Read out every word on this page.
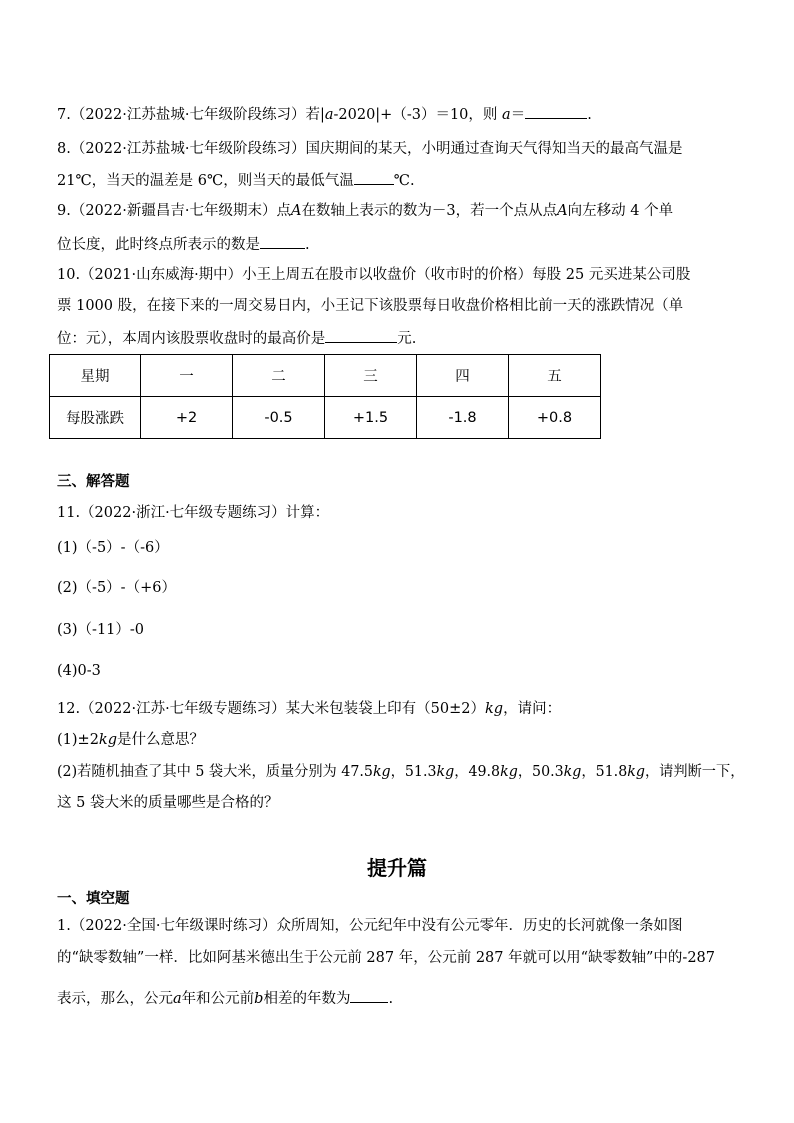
7.（2022·江苏盐城·七年级阶段练习）若|a-2020|+（-3）＝10，则 a＝	.
8.（2022·江苏盐城·七年级阶段练习）国庆期间的某天，小明通过查询天气得知当天的最高气温是
21℃，当天的温差是 6℃，则当天的最低气温	℃.
9.（2022·新疆昌吉·七年级期末）点A在数轴上表示的数为－3，若一个点从点A向左移动 4 个单
位长度，此时终点所表示的数是	.
10.（2021·山东威海·期中）小王上周五在股市以收盘价（收市时的价格）每股 25 元买进某公司股
票 1000 股，在接下来的一周交易日内，小王记下该股票每日收盘价格相比前一天的涨跌情况（单
位：元），本周内该股票收盘时的最高价是	元.
星期	一	二	三	四	五
每股涨跌	+2	-0.5	+1.5	-1.8	+0.8
三、解答题
11.（2022·浙江·七年级专题练习）计算：
(1)（-5）-（-6）
(2)（-5）-（+6）
(3)（-11）-0
(4)0-3
12.（2022·江苏·七年级专题练习）某大米包装袋上印有（50±2）kg，请问：
(1)±2kg是什么意思？
(2)若随机抽查了其中 5 袋大米，质量分别为 47.5kg，51.3kg，49.8kg，50.3kg，51.8kg，请判断一下，
这 5 袋大米的质量哪些是合格的？
提升篇
一、填空题
1.（2022·全国·七年级课时练习）众所周知，公元纪年中没有公元零年．历史的长河就像一条如图
的“缺零数轴”一样．比如阿基米德出生于公元前 287 年，公元前 287 年就可以用“缺零数轴”中的-287
表示，那么，公元a年和公元前b相差的年数为	.
